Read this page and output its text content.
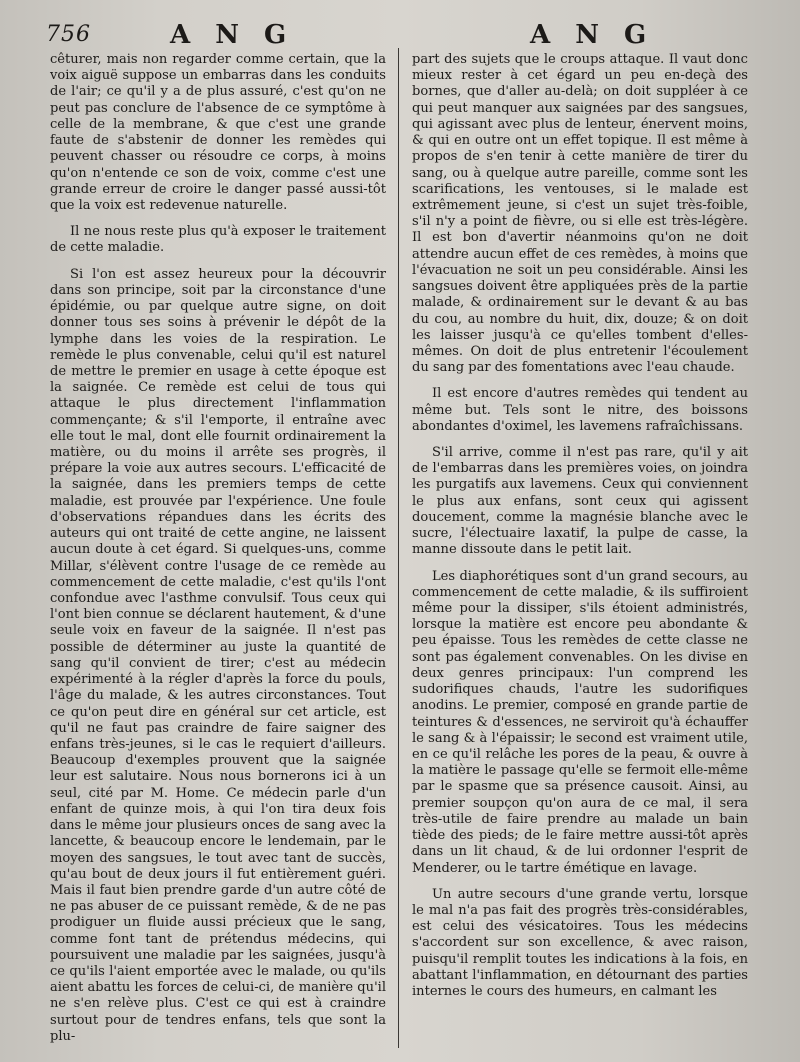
756	A N G	A N G

cêturer, mais non regarder comme certain, que la voix aiguë suppose un embarras dans les conduits de l'air; ce qu'il y a de plus assuré, c'est qu'on ne peut pas conclure de l'absence de ce symptôme à celle de la membrane, & que c'est une grande faute de s'abstenir de donner les remèdes qui peuvent chasser ou résoudre ce corps, à moins qu'on n'entende ce son de voix, comme c'est une grande erreur de croire le danger passé aussi-tôt que la voix est redevenue naturelle.

Il ne nous reste plus qu'à exposer le traitement de cette maladie.

Si l'on est assez heureux pour la découvrir dans son principe, soit par la circonstance d'une épidémie, ou par quelque autre signe, on doit donner tous ses soins à prévenir le dépôt de la lymphe dans les voies de la respiration. Le remède le plus convenable, celui qu'il est naturel de mettre le premier en usage à cette époque est la saignée. Ce remède est celui de tous qui attaque le plus directement l'inflammation commençante; & s'il l'emporte, il entraîne avec elle tout le mal, dont elle fournit ordinairement la matière, ou du moins il arrête ses progrès, il prépare la voie aux autres secours. L'efficacité de la saignée, dans les premiers temps de cette maladie, est prouvée par l'expérience. Une foule d'observations répandues dans les écrits des auteurs qui ont traité de cette angine, ne laissent aucun doute à cet égard. Si quelques-uns, comme Millar, s'élèvent contre l'usage de ce remède au commencement de cette maladie, c'est qu'ils l'ont confondue avec l'asthme convulsif. Tous ceux qui l'ont bien connue se déclarent hautement, & d'une seule voix en faveur de la saignée. Il n'est pas possible de déterminer au juste la quantité de sang qu'il convient de tirer; c'est au médecin expérimenté à la régler d'après la force du pouls, l'âge du malade, & les autres circonstances. Tout ce qu'on peut dire en général sur cet article, est qu'il ne faut pas craindre de faire saigner des enfans très-jeunes, si le cas le requiert d'ailleurs. Beaucoup d'exemples prouvent que la saignée leur est salutaire. Nous nous bornerons ici à un seul, cité par M. Home. Ce médecin parle d'un enfant de quinze mois, à qui l'on tira deux fois dans le même jour plusieurs onces de sang avec la lancette, & beaucoup encore le lendemain, par le moyen des sangsues, le tout avec tant de succès, qu'au bout de deux jours il fut entièrement guéri. Mais il faut bien prendre garde d'un autre côté de ne pas abuser de ce puissant remède, & de ne pas prodiguer un fluide aussi précieux que le sang, comme font tant de prétendus médecins, qui poursuivent une maladie par les saignées, jusqu'à ce qu'ils l'aient emportée avec le malade, ou qu'ils aient abattu les forces de celui-ci, de manière qu'il ne s'en relève plus. C'est ce qui est à craindre surtout pour de tendres enfans, tels que sont la plu-

part des sujets que le croups attaque. Il vaut donc mieux rester à cet égard un peu en-deçà des bornes, que d'aller au-delà; on doit suppléer à ce qui peut manquer aux saignées par des sangsues, qui agissant avec plus de lenteur, énervent moins, & qui en outre ont un effet topique. Il est même à propos de s'en tenir à cette manière de tirer du sang, ou à quelque autre pareille, comme sont les scarifications, les ventouses, si le malade est extrêmement jeune, si c'est un sujet très-foible, s'il n'y a point de fièvre, ou si elle est très-légère. Il est bon d'avertir néanmoins qu'on ne doit attendre aucun effet de ces remèdes, à moins que l'évacuation ne soit un peu considérable. Ainsi les sangsues doivent être appliquées près de la partie malade, & ordinairement sur le devant & au bas du cou, au nombre du huit, dix, douze; & on doit les laisser jusqu'à ce qu'elles tombent d'elles-mêmes. On doit de plus entretenir l'écoulement du sang par des fomentations avec l'eau chaude.

Il est encore d'autres remèdes qui tendent au même but. Tels sont le nitre, des boissons abondantes d'oximel, les lavemens rafraîchissans.

S'il arrive, comme il n'est pas rare, qu'il y ait de l'embarras dans les premières voies, on joindra les purgatifs aux lavemens. Ceux qui conviennent le plus aux enfans, sont ceux qui agissent doucement, comme la magnésie blanche avec le sucre, l'électuaire laxatif, la pulpe de casse, la manne dissoute dans le petit lait.

Les diaphorétiques sont d'un grand secours, au commencement de cette maladie, & ils suffiroient même pour la dissiper, s'ils étoient administrés, lorsque la matière est encore peu abondante & peu épaisse. Tous les remèdes de cette classe ne sont pas également convenables. On les divise en deux genres principaux: l'un comprend les sudorifiques chauds, l'autre les sudorifiques anodins. Le premier, composé en grande partie de teintures & d'essences, ne serviroit qu'à échauffer le sang & à l'épaissir; le second est vraiment utile, en ce qu'il relâche les pores de la peau, & ouvre à la matière le passage qu'elle se fermoit elle-même par le spasme que sa présence causoit. Ainsi, au premier soupçon qu'on aura de ce mal, il sera très-utile de faire prendre au malade un bain tiède des pieds; de le faire mettre aussi-tôt après dans un lit chaud, & de lui ordonner l'esprit de Menderer, ou le tartre émétique en lavage.

Un autre secours d'une grande vertu, lorsque le mal n'a pas fait des progrès très-considérables, est celui des vésicatoires. Tous les médecins s'accordent sur son excellence, & avec raison, puisqu'il remplit toutes les indications à la fois, en abattant l'inflammation, en détournant des parties internes le cours des humeurs, en calmant les
